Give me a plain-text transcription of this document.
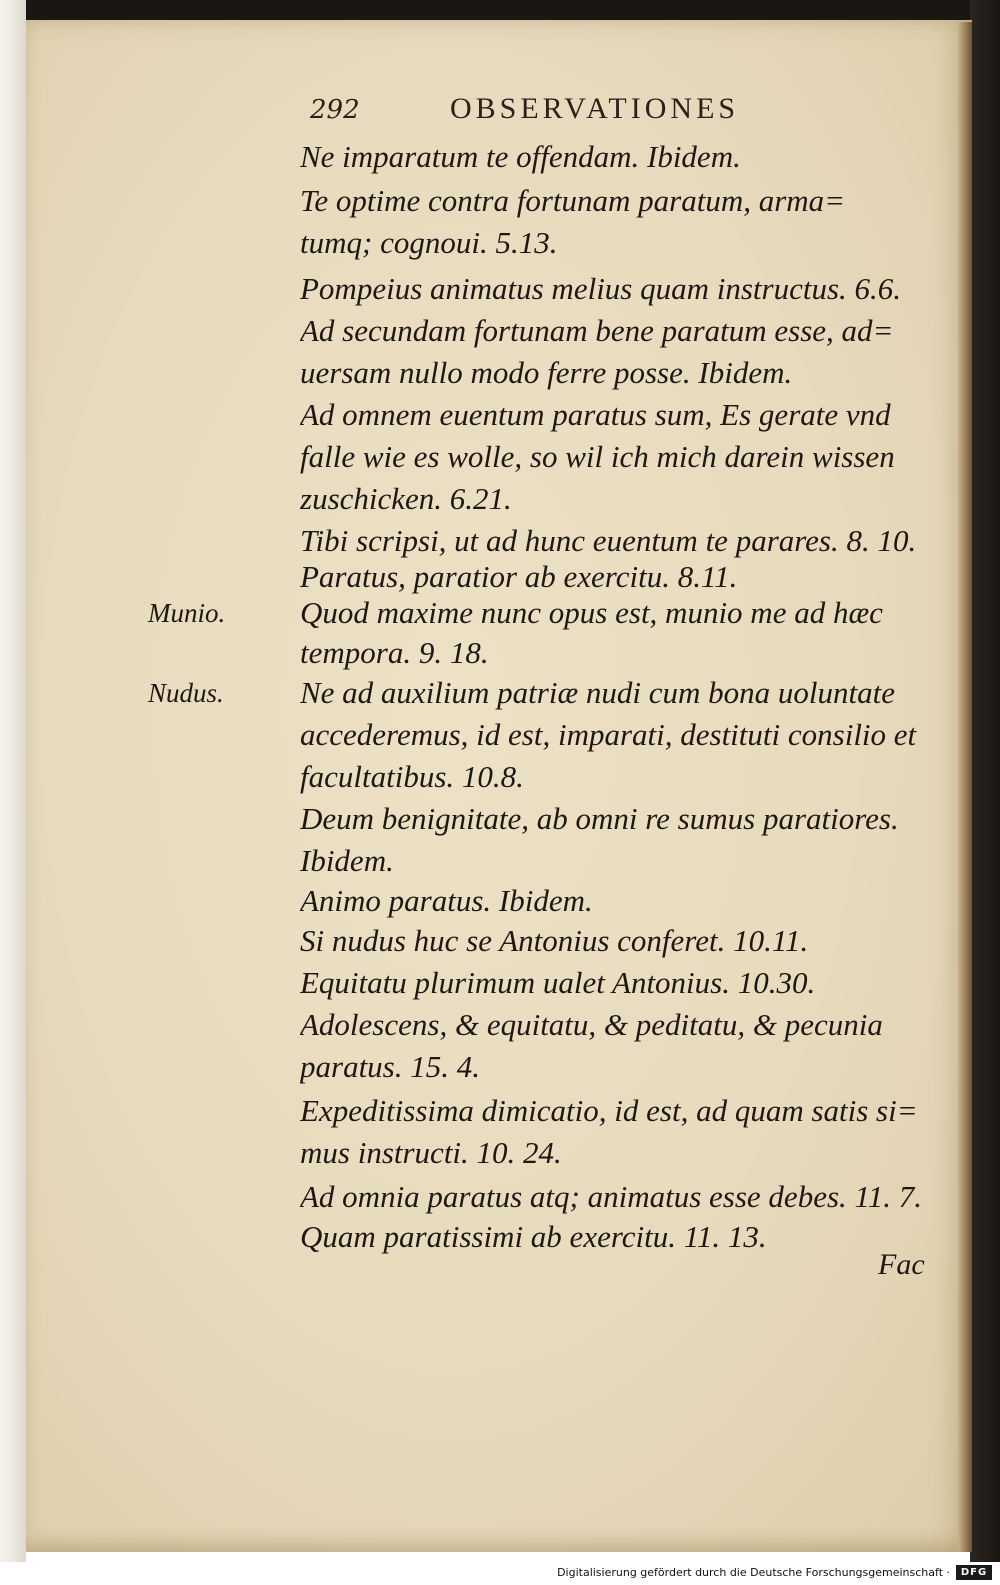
292	OBSERVATIONES
Munio.
Nudus.
Ne imparatum te offendam. Ibidem.
Te optime contra fortunam paratum, arma=
tumq; cognoui. 5.13.
Pompeius animatus melius quam instructus. 6.6.
Ad secundam fortunam bene paratum esse, ad=
uersam nullo modo ferre posse. Ibidem.
Ad omnem euentum paratus sum, Es gerate vnd
falle wie es wolle, so wil ich mich darein wissen
zuschicken. 6.21.
Tibi scripsi, ut ad hunc euentum te parares. 8. 10.
Paratus, paratior ab exercitu. 8.11.
Quod maxime nunc opus est, munio me ad hæc
tempora. 9. 18.
Ne ad auxilium patriæ nudi cum bona uoluntate
accederemus, id est, imparati, destituti consilio et
facultatibus. 10.8.
Deum benignitate, ab omni re sumus paratiores.
Ibidem.
Animo paratus. Ibidem.
Si nudus huc se Antonius conferet. 10.11.
Equitatu plurimum ualet Antonius. 10.30.
Adolescens, & equitatu, & peditatu, & pecunia
paratus. 15. 4.
Expeditissima dimicatio, id est, ad quam satis si=
mus instructi. 10. 24.
Ad omnia paratus atq; animatus esse debes. 11. 7.
Quam paratissimi ab exercitu. 11. 13.
Fac
Digitalisierung gefördert durch die Deutsche Forschungsgemeinschaft ·	DFG
